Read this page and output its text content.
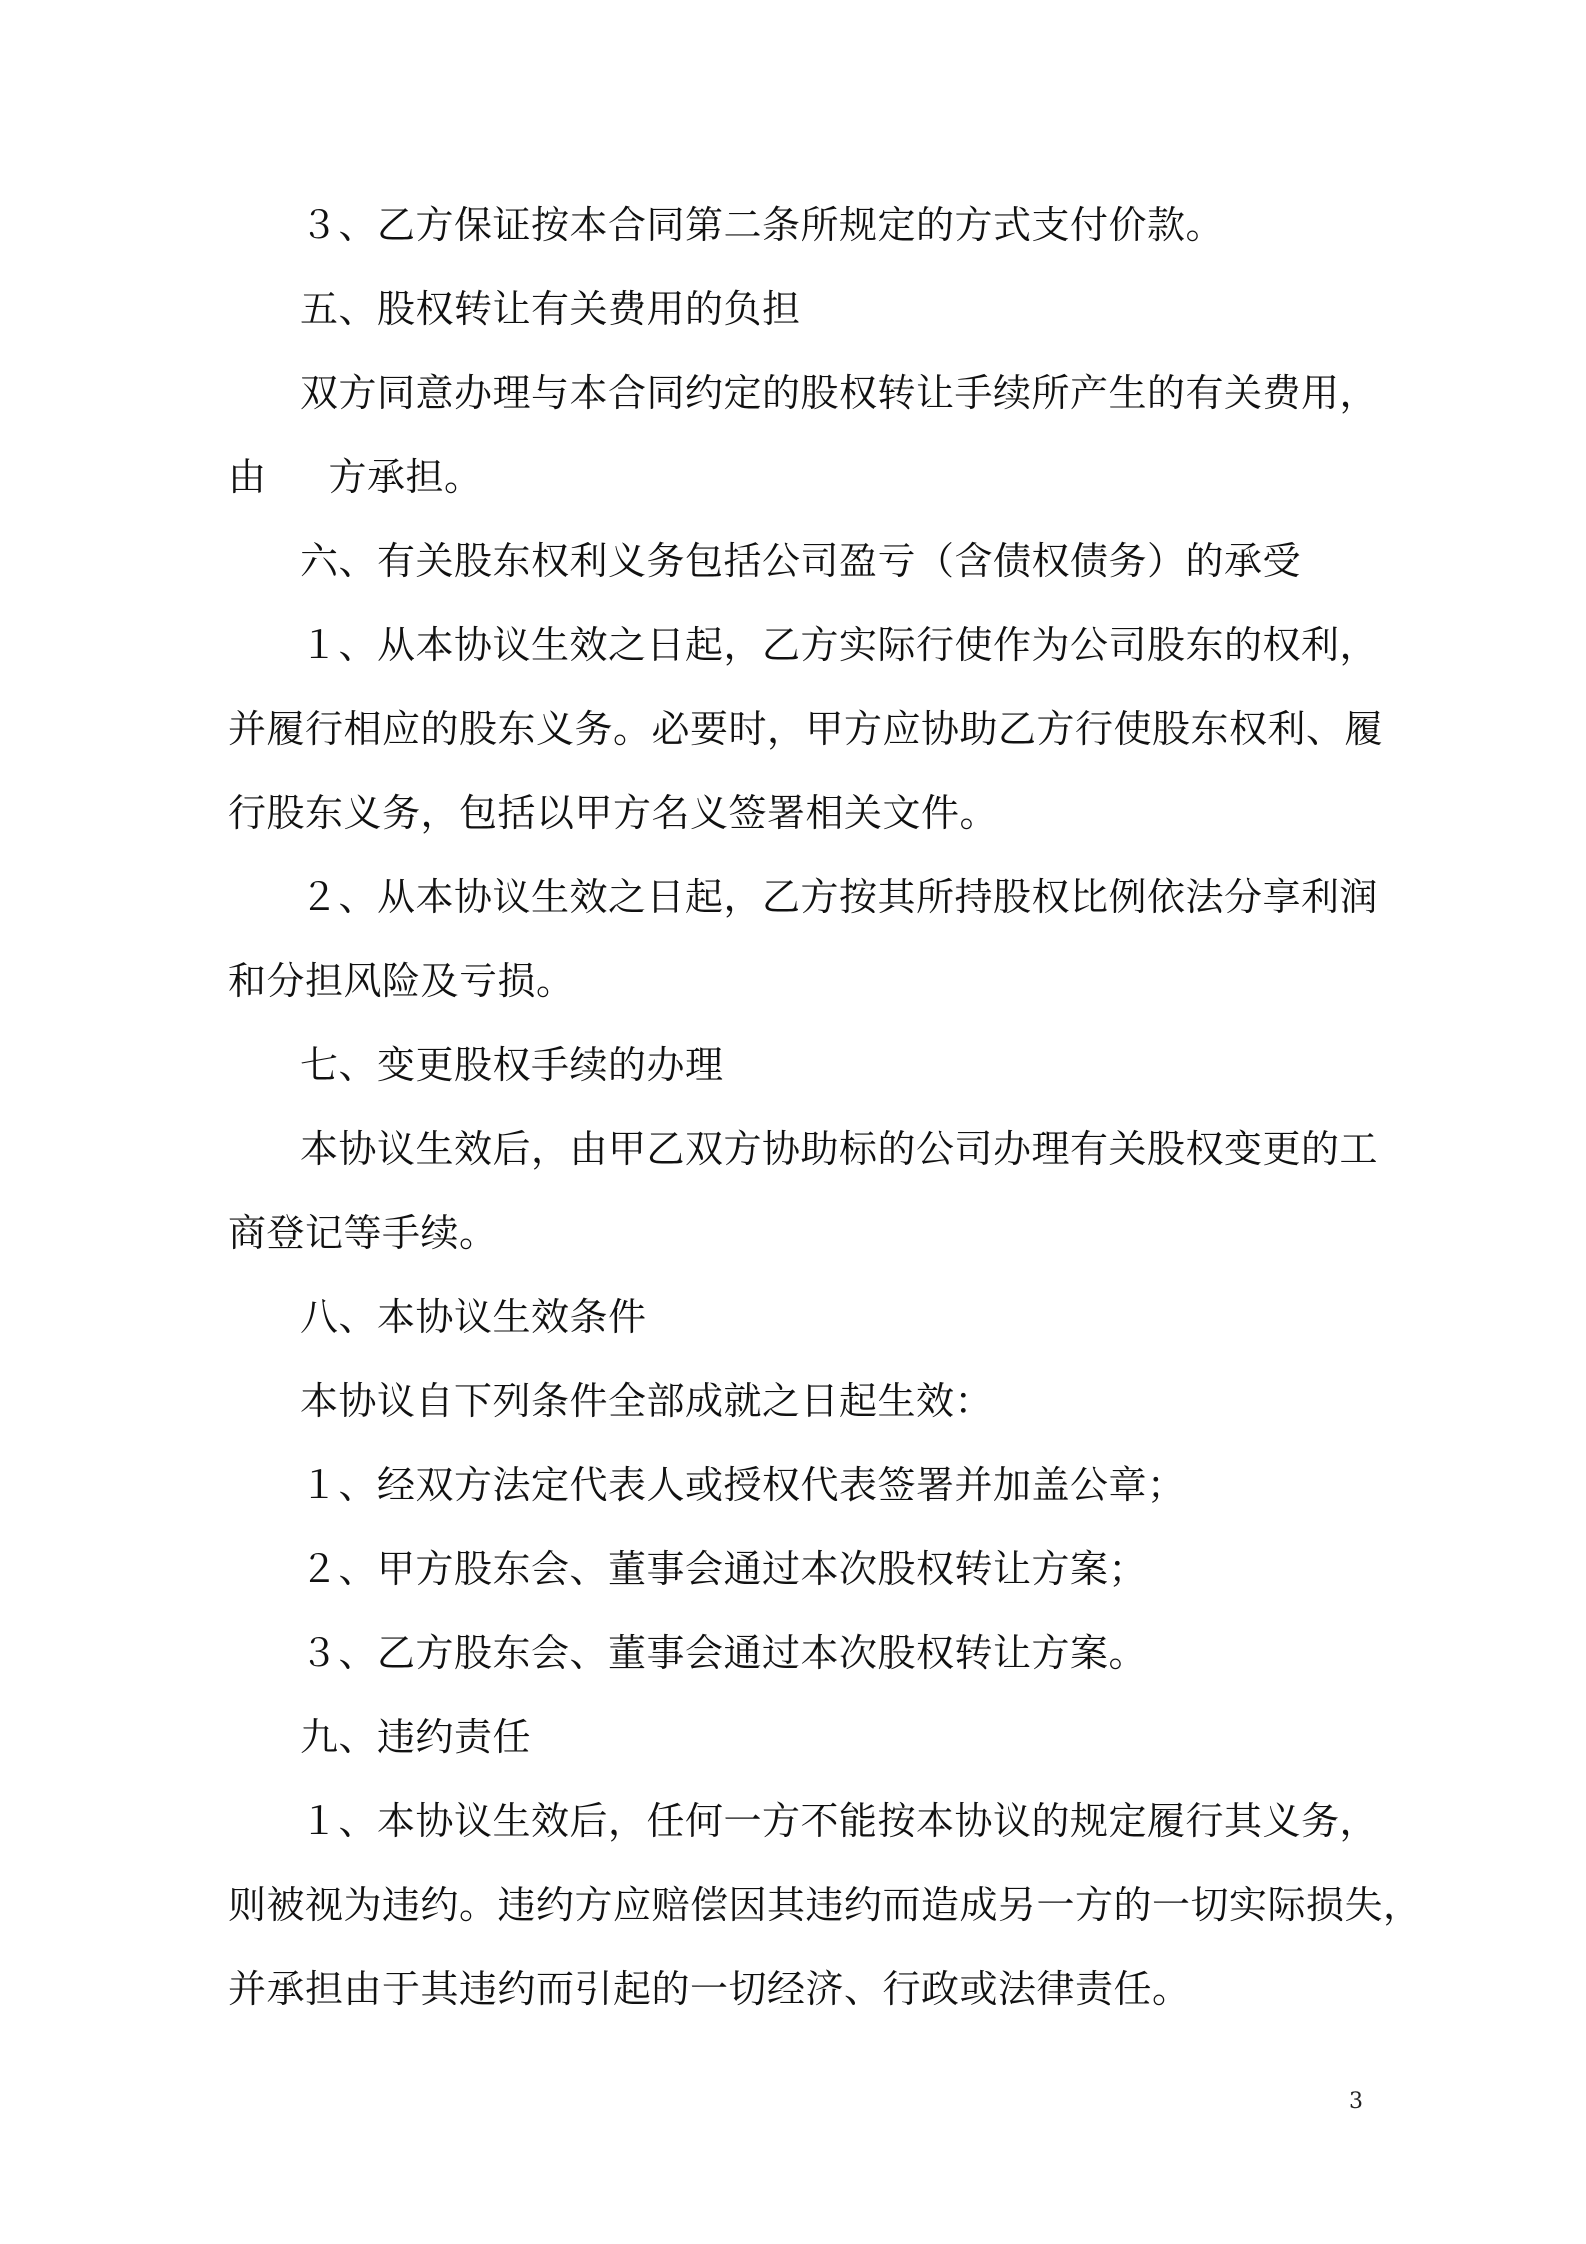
３、乙方保证按本合同第二条所规定的方式支付价款。
五、股权转让有关费用的负担
双方同意办理与本合同约定的股权转让手续所产生的有关费用，
由 方承担。
六、有关股东权利义务包括公司盈亏（含债权债务）的承受
１、从本协议生效之日起，乙方实际行使作为公司股东的权利，
并履行相应的股东义务。必要时，甲方应协助乙方行使股东权利、履
行股东义务，包括以甲方名义签署相关文件。
２、从本协议生效之日起，乙方按其所持股权比例依法分享利润
和分担风险及亏损。
七、变更股权手续的办理
本协议生效后，由甲乙双方协助标的公司办理有关股权变更的工
商登记等手续。
八、本协议生效条件
本协议自下列条件全部成就之日起生效：
１、经双方法定代表人或授权代表签署并加盖公章；
２、甲方股东会、董事会通过本次股权转让方案；
３、乙方股东会、董事会通过本次股权转让方案。
九、违约责任
１、本协议生效后，任何一方不能按本协议的规定履行其义务，
则被视为违约。违约方应赔偿因其违约而造成另一方的一切实际损失，
并承担由于其违约而引起的一切经济、行政或法律责任。
3
